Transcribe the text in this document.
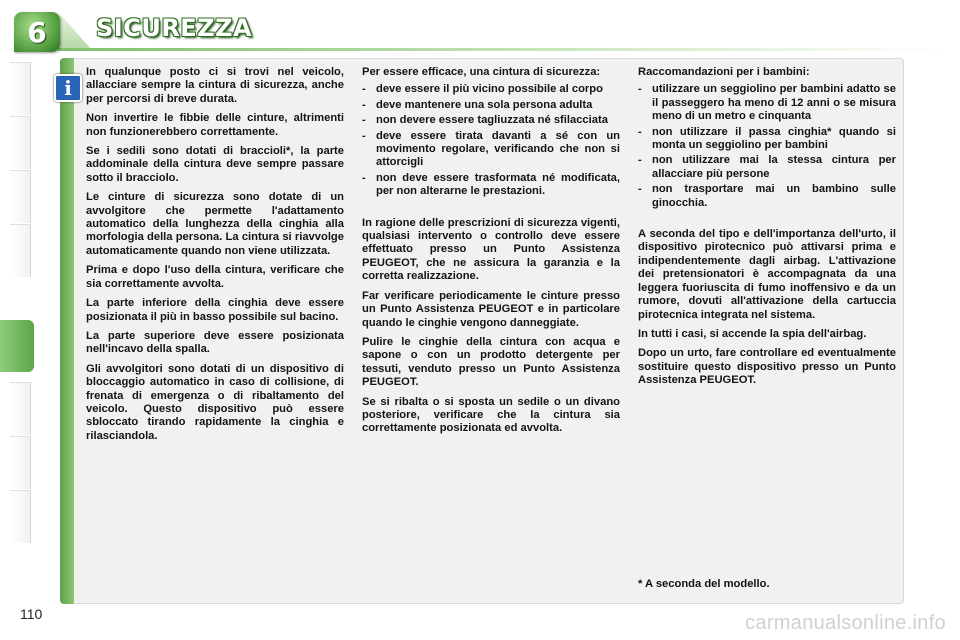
6	SICUREZZA
i

In qualunque posto ci si trovi nel veicolo, allacciare sempre la cintura di sicurezza, anche per percorsi di breve durata.

Non invertire le fibbie delle cinture, altrimenti non funzionerebbero correttamente.

Se i sedili sono dotati di braccioli*, la parte addominale della cintura deve sempre passare sotto il bracciolo.

Le cinture di sicurezza sono dotate di un avvolgitore che permette l'adattamento automatico della lunghezza della cinghia alla morfologia della persona. La cintura si riavvolge automaticamente quando non viene utilizzata.

Prima e dopo l'uso della cintura, verificare che sia correttamente avvolta.

La parte inferiore della cinghia deve essere posizionata il più in basso possibile sul bacino.

La parte superiore deve essere posizionata nell'incavo della spalla.

Gli avvolgitori sono dotati di un dispositivo di bloccaggio automatico in caso di collisione, di frenata di emergenza o di ribaltamento del veicolo. Questo dispositivo può essere sbloccato tirando rapidamente la cinghia e rilasciandola.

Per essere efficace, una cintura di sicurezza:

- deve essere il più vicino possibile al corpo
- deve mantenere una sola persona adulta
- non devere essere tagliuzzata né sfilacciata
- deve essere tirata davanti a sé con un movimento regolare, verificando che non si attorcigli
- non deve essere trasformata né modificata, per non alterarne le prestazioni.

In ragione delle prescrizioni di sicurezza vigenti, qualsiasi intervento o controllo deve essere effettuato presso un Punto Assistenza PEUGEOT, che ne assicura la garanzia e la corretta realizzazione.

Far verificare periodicamente le cinture presso un Punto Assistenza PEUGEOT e in particolare quando le cinghie vengono danneggiate.

Pulire le cinghie della cintura con acqua e sapone o con un prodotto detergente per tessuti, venduto presso un Punto Assistenza PEUGEOT.

Se si ribalta o si sposta un sedile o un divano posteriore, verificare che la cintura sia correttamente posizionata ed avvolta.

Raccomandazioni per i bambini:

- utilizzare un seggiolino per bambini adatto se il passeggero ha meno di 12 anni o se misura meno di un metro e cinquanta
- non utilizzare il passa cinghia* quando si monta un seggiolino per bambini
- non utilizzare mai la stessa cintura per allacciare più persone
- non trasportare mai un bambino sulle ginocchia.

A seconda del tipo e dell'importanza dell'urto, il dispositivo pirotecnico può attivarsi prima e indipendentemente dagli airbag. L'attivazione dei pretensionatori è accompagnata da una leggera fuoriuscita di fumo inoffensivo e da un rumore, dovuti all'attivazione della cartuccia pirotecnica integrata nel sistema.

In tutti i casi, si accende la spia dell'airbag.

Dopo un urto, fare controllare ed eventualmente sostituire questo dispositivo presso un Punto Assistenza PEUGEOT.

* A seconda del modello.
110	carmanualsonline.info
